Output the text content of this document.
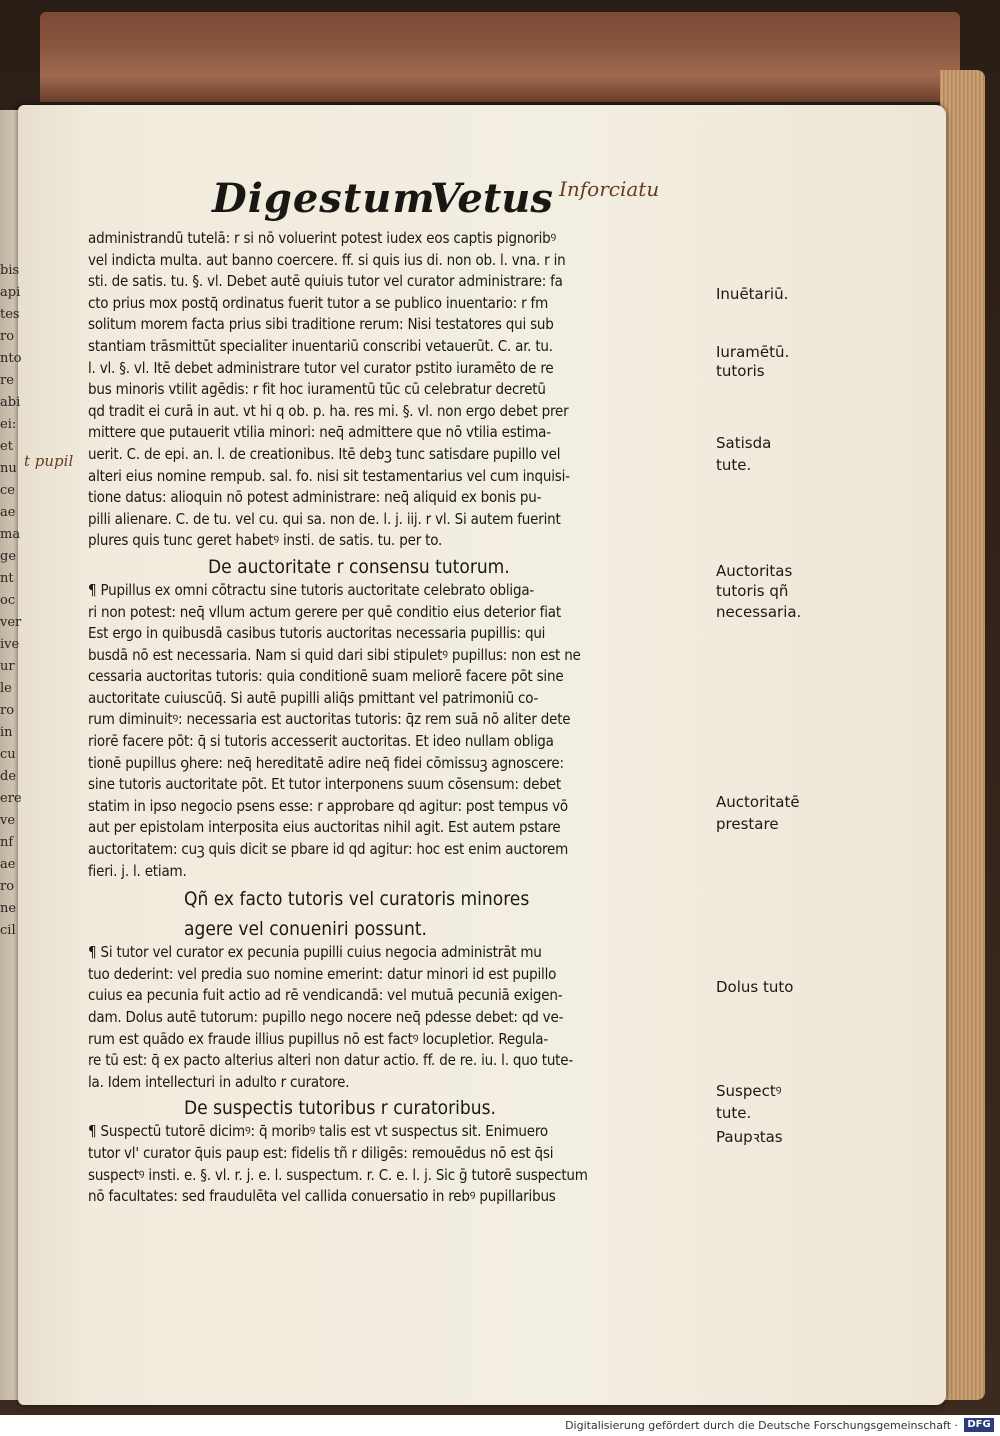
bis
api
tes
ro
nto
re
abi
ei:
et
nu
ce
ae
ma
ge
nt
oc
ver
ive
ur
le
ro
in
cu
de
ere
ve
nf
ae
ro
ne
cil
t pupil
Digestum
Vetus Inforciatu
administrandū tutelā: r si nō voluerint potest iudex eos captis pignoribꝰ
vel indicta multa. aut banno coercere. ff. si quis ius di. non ob. l. vna. r in
sti. de satis. tu. §. vl. Debet autē quiuis tutor vel curator administrare: fa
cto prius mox postq̄ ordinatus fuerit tutor a se publico inuentario: r fm
solitum morem facta prius sibi traditione rerum: Nisi testatores qui sub
stantiam trāsmittūt specialiter inuentariū conscribi vetauerūt. C. ar. tu.
l. vl. §. vl. Itē debet administrare tutor vel curator pstito iuramēto de re
bus minoris vtilit agēdis: r fit hoc iuramentū tūc cū celebratur decretū
qd tradit ei curā in aut. vt hi q ob. p. ha. res mi. §. vl. non ergo debet prer
mittere que putauerit vtilia minori: neq̄ admittere que nō vtilia estima-
uerit. C. de epi. an. l. de creationibus. Itē debꝫ tunc satisdare pupillo vel
alteri eius nomine rempub. sal. fo. nisi sit testamentarius vel cum inquisi-
tione datus: alioquin nō potest administrare: neq̄ aliquid ex bonis pu-
pilli alienare. C. de tu. vel cu. qui sa. non de. l. j. iij. r vl. Si autem fuerint
plures quis tunc geret habetꝰ insti. de satis. tu. per to.
De auctoritate r consensu tutorum.
¶ Pupillus ex omni cōtractu sine tutoris auctoritate celebrato obliga-
ri non potest: neq̄ vllum actum gerere per quē conditio eius deterior fiat
Est ergo in quibusdā casibus tutoris auctoritas necessaria pupillis: qui
busdā nō est necessaria. Nam si quid dari sibi stipuletꝰ pupillus: non est ne
cessaria auctoritas tutoris: quia conditionē suam meliorē facere pōt sine
auctoritate cuiuscūq̄. Si autē pupilli aliq̄s pmittant vel patrimoniū co-
rum diminuitꝰ: necessaria est auctoritas tutoris: q̄z rem suā nō aliter dete
riorē facere pōt: q̄ si tutoris accesserit auctoritas. Et ideo nullam obliga
tionē pupillus ꝯhere: neq̄ hereditatē adire neq̄ fidei cōmissuꝫ agnoscere:
sine tutoris auctoritate pōt. Et tutor interponens suum cōsensum: debet
statim in ipso negocio psens esse: r approbare qd agitur: post tempus vō
aut per epistolam interposita eius auctoritas nihil agit. Est autem pstare
auctoritatem: cuꝫ quis dicit se pbare id qd agitur: hoc est enim auctorem
fieri. j. l. etiam.
Qñ ex facto tutoris vel curatoris minores
agere vel conueniri possunt.
¶ Si tutor vel curator ex pecunia pupilli cuius negocia administrāt mu
tuo dederint: vel predia suo nomine emerint: datur minori id est pupillo
cuius ea pecunia fuit actio ad rē vendicandā: vel mutuā pecuniā exigen-
dam. Dolus autē tutorum: pupillo nego nocere neq̄ pdesse debet: qd ve-
rum est quādo ex fraude illius pupillus nō est factꝰ locupletior. Regula-
re tū est: q̄ ex pacto alterius alteri non datur actio. ff. de re. iu. l. quo tute-
la. Idem intellecturi in adulto r curatore.
De suspectis tutoribus r curatoribus.
¶ Suspectū tutorē dicimꝰ: q̄ moribꝰ talis est vt suspectus sit. Enimuero
tutor vl' curator q̄uis paup est: fidelis tñ r diligēs: remouēdus nō est q̄si
suspectꝰ insti. e. §. vl. r. j. e. l. suspectum. r. C. e. l. j. Sic ḡ tutorē suspectum
nō facultates: sed fraudulēta vel callida conuersatio in rebꝰ pupillaribus
Inuētariū.
Iuramētū.
tutoris
Satisda
tute.
Auctoritas
tutoris qñ
necessaria.
Auctoritatē
prestare
Dolus tuto
Suspectꝰ
tute.
Paupꝛtas
Digitalisierung gefördert durch die Deutsche Forschungsgemeinschaft · DFG
